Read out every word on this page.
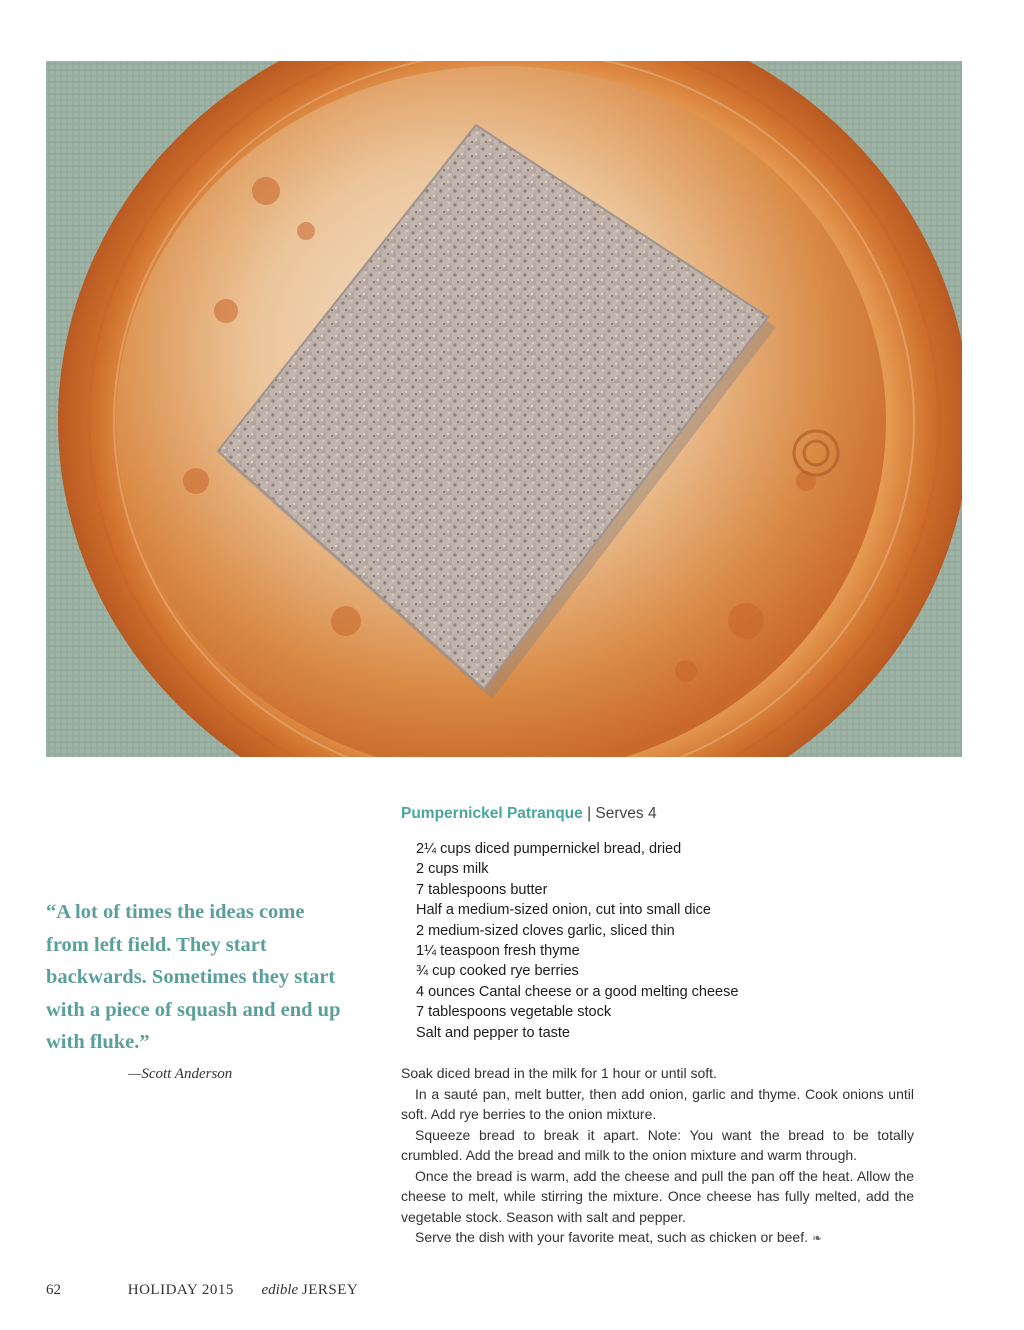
“A lot of times the ideas come from left field. They start backwards. Sometimes they start with a piece of squash and end up with fluke.”

—Scott Anderson

Pumpernickel Patranque | Serves 4
2¼ cups diced pumpernickel bread, dried
2 cups milk
7 tablespoons butter
Half a medium-sized onion, cut into small dice
2 medium-sized cloves garlic, sliced thin
1¼ teaspoon fresh thyme
¾ cup cooked rye berries
4 ounces Cantal cheese or a good melting cheese
7 tablespoons vegetable stock
Salt and pepper to taste

Soak diced bread in the milk for 1 hour or until soft.

In a sauté pan, melt butter, then add onion, garlic and thyme. Cook onions until soft. Add rye berries to the onion mixture.

Squeeze bread to break it apart. Note: You want the bread to be totally crumbled. Add the bread and milk to the onion mixture and warm through.

Once the bread is warm, add the cheese and pull the pan off the heat. Allow the cheese to melt, while stirring the mixture. Once cheese has fully melted, add the vegetable stock. Season with salt and pepper.

Serve the dish with your favorite meat, such as chicken or beef. ❧

62	HOLIDAY 2015 edible JERSEY
